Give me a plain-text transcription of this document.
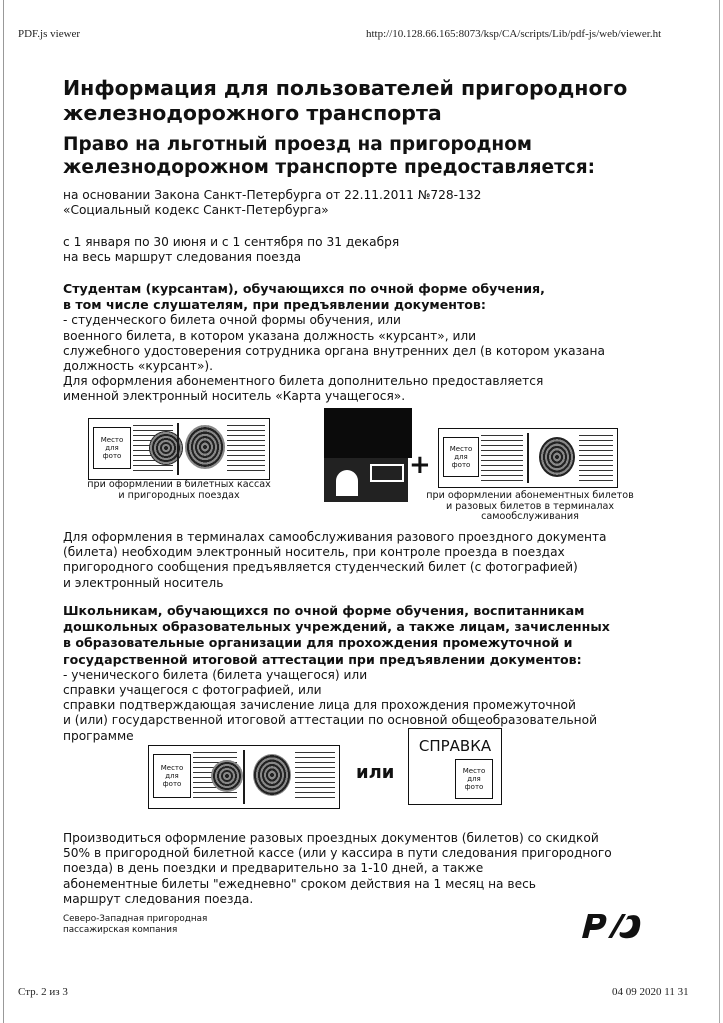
PDF.js viewer	http://10.128.66.165:8073/ksp/CA/scripts/Lib/pdf-js/web/viewer.ht
Стр. 2 из 3	04 09 2020 11 31
Информация для пользователей пригородного
железнодорожного транспорта
Право на льготный проезд на пригородном
железнодорожном транспорте предоставляется:
на основании Закона Санкт-Петербурга от 22.11.2011 №728-132
«Социальный кодекс Санкт-Петербурга»
с 1 января по 30 июня и с 1 сентября по 31 декабря
на весь маршрут следования поезда
Студентам (курсантам), обучающихся по очной форме обучения,
в том числе слушателям, при предъявлении документов:
- студенческого билета очной формы обучения, или
военного билета, в котором указана должность «курсант», или
служебного удостоверения сотрудника органа внутренних дел (в котором указана
должность «курсант»).
Для оформления абонементного билета дополнительно предоставляется
именной электронный носитель «Карта учащегося».
Место
для
фото
при оформлении в билетных кассах
и пригородных поездах
+
Место
для
фото
при оформлении абонементных билетов
и разовых билетов в терминалах
самообслуживания
Для оформления в терминалах самообслуживания разового проездного документа
(билета) необходим электронный носитель, при контроле проезда в поездах
пригородного сообщения предъявляется студенческий билет (с фотографией)
и электронный носитель
Школьникам, обучающихся по очной форме обучения, воспитанникам
дошкольных образовательных учреждений, а также лицам, зачисленных
в образовательные организации для прохождения промежуточной и
государственной итоговой аттестации при предъявлении документов:
- ученического билета (билета учащегося) или
справки учащегося с фотографией, или
справки подтверждающая зачисление лица для прохождения промежуточной
и (или) государственной итоговой аттестации по основной общеобразовательной
программе
Место
для
фото
или
СПРАВКА
Место
для
фото
Производиться оформление разовых проездных документов (билетов) со скидкой
50% в пригородной билетной кассе (или у кассира в пути следования пригородного
поезда) в день поездки и предварительно за 1-10 дней, а также
абонементные билеты "ежедневно" сроком действия на 1 месяц на весь
маршрут следования поезда.
Северо-Западная пригородная
пассажирская компания
